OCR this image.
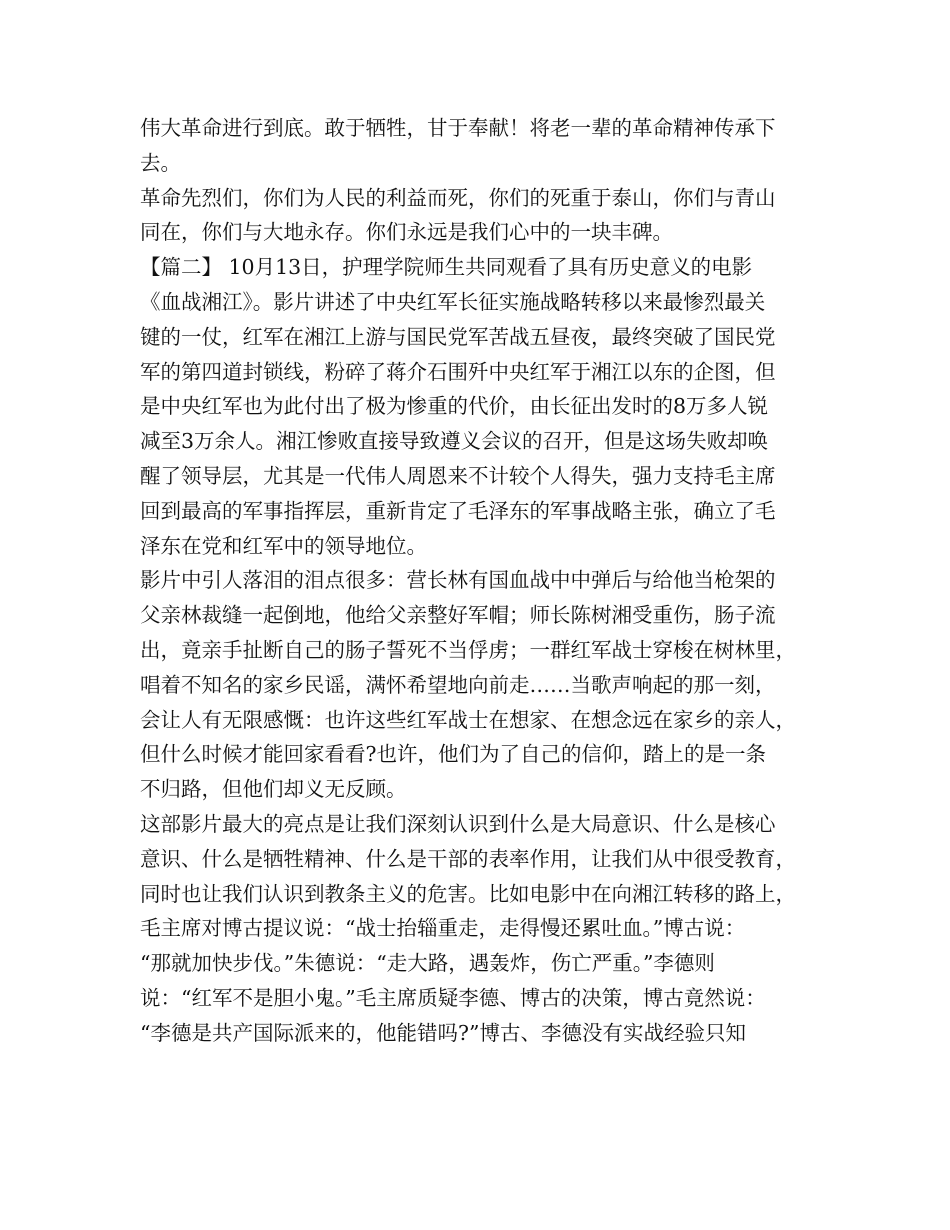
伟大革命进行到底。敢于牺牲，甘于奉献！将老一辈的革命精神传承下
去。
革命先烈们，你们为人民的利益而死，你们的死重于泰山，你们与青山
同在，你们与大地永存。你们永远是我们心中的一块丰碑。
【篇二】 10月13日，护理学院师生共同观看了具有历史意义的电影
《血战湘江》。影片讲述了中央红军长征实施战略转移以来最惨烈最关
键的一仗，红军在湘江上游与国民党军苦战五昼夜，最终突破了国民党
军的第四道封锁线，粉碎了蒋介石围歼中央红军于湘江以东的企图，但
是中央红军也为此付出了极为惨重的代价，由长征出发时的8万多人锐
减至3万余人。湘江惨败直接导致遵义会议的召开，但是这场失败却唤
醒了领导层，尤其是一代伟人周恩来不计较个人得失，强力支持毛主席
回到最高的军事指挥层，重新肯定了毛泽东的军事战略主张，确立了毛
泽东在党和红军中的领导地位。
影片中引人落泪的泪点很多：营长林有国血战中中弹后与给他当枪架的
父亲林裁缝一起倒地，他给父亲整好军帽；师长陈树湘受重伤，肠子流
出，竟亲手扯断自己的肠子誓死不当俘虏；一群红军战士穿梭在树林里，
唱着不知名的家乡民谣，满怀希望地向前走……当歌声响起的那一刻，
会让人有无限感慨：也许这些红军战士在想家、在想念远在家乡的亲人，
但什么时候才能回家看看?也许，他们为了自己的信仰，踏上的是一条
不归路，但他们却义无反顾。
这部影片最大的亮点是让我们深刻认识到什么是大局意识、什么是核心
意识、什么是牺牲精神、什么是干部的表率作用，让我们从中很受教育，
同时也让我们认识到教条主义的危害。比如电影中在向湘江转移的路上，
毛主席对博古提议说：“战士抬辎重走，走得慢还累吐血。”博古说：
“那就加快步伐。”朱德说：“走大路，遇轰炸，伤亡严重。”李德则
说：“红军不是胆小鬼。”毛主席质疑李德、博古的决策，博古竟然说：
“李德是共产国际派来的，他能错吗?”博古、李德没有实战经验只知
